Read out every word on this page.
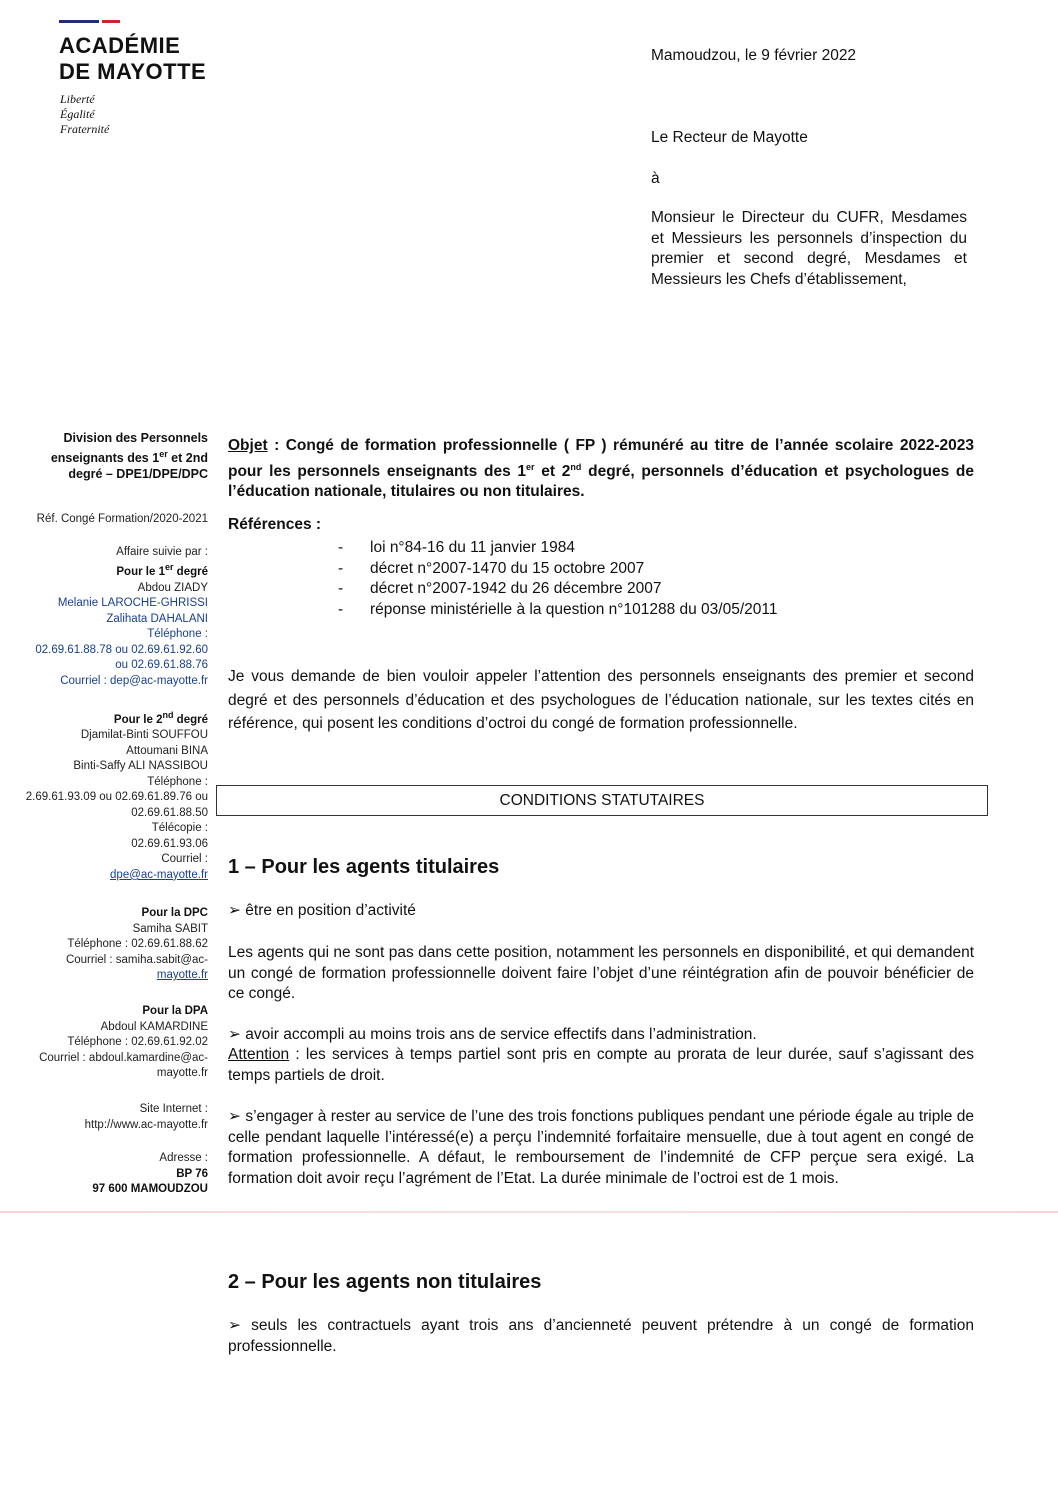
ACADÉMIE
DE MAYOTTE
Liberté
Égalité
Fraternité
Mamoudzou, le 9 février 2022
Le Recteur de Mayotte
à
Monsieur le Directeur du CUFR, Mesdames et Messieurs les personnels d’inspection du premier et second degré, Mesdames et Messieurs les Chefs d’établissement,
Division des Personnels
enseignants des 1er et 2nd
degré – DPE1/DPE/DPC
Réf. Congé Formation/2020-2021
Affaire suivie par :
Pour le 1er degré
Abdou ZIADY
Melanie LAROCHE-GHRISSI
Zalihata DAHALANI
Téléphone :
02.69.61.88.78 ou 02.69.61.92.60
ou 02.69.61.88.76
Courriel : dep@ac-mayotte.fr
Pour le 2nd degré
Djamilat-Binti SOUFFOU
Attoumani BINA
Binti-Saffy ALI NASSIBOU
Téléphone :
2.69.61.93.09 ou 02.69.61.89.76 ou
02.69.61.88.50
Télécopie :
02.69.61.93.06
Courriel :
dpe@ac-mayotte.fr
Pour la DPC
Samiha SABIT
Téléphone : 02.69.61.88.62
Courriel : samiha.sabit@ac-
mayotte.fr
Pour la DPA
Abdoul KAMARDINE
Téléphone : 02.69.61.92.02
Courriel : abdoul.kamardine@ac-
mayotte.fr
Site Internet :
http://www.ac-mayotte.fr
Adresse :
BP 76
97 600 MAMOUDZOU
Objet : Congé de formation professionnelle ( FP ) rémunéré au titre de l’année scolaire 2022-2023 pour les personnels enseignants des 1er et 2nd degré, personnels d’éducation et psychologues de l’éducation nationale, titulaires ou non titulaires.
Références :
- loi n°84-16 du 11 janvier 1984
- décret n°2007-1470 du 15 octobre 2007
- décret n°2007-1942 du 26 décembre 2007
- réponse ministérielle à la question n°101288 du 03/05/2011
Je vous demande de bien vouloir appeler l’attention des personnels enseignants des premier et second degré et des personnels d’éducation et des psychologues de l’éducation nationale, sur les textes cités en référence, qui posent les conditions d’octroi du congé de formation professionnelle.
CONDITIONS STATUTAIRES
1 – Pour les agents titulaires
➢ être en position d’activité
Les agents qui ne sont pas dans cette position, notamment les personnels en disponibilité, et qui demandent un congé de formation professionnelle doivent faire l’objet d’une réintégration afin de pouvoir bénéficier de ce congé.
➢ avoir accompli au moins trois ans de service effectifs dans l’administration.
Attention : les services à temps partiel sont pris en compte au prorata de leur durée, sauf s’agissant des temps partiels de droit.
➢ s’engager à rester au service de l’une des trois fonctions publiques pendant une période égale au triple de celle pendant laquelle l’intéressé(e) a perçu l’indemnité forfaitaire mensuelle, due à tout agent en congé de formation professionnelle. A défaut, le remboursement de l’indemnité de CFP perçue sera exigé. La formation doit avoir reçu l’agrément de l’Etat. La durée minimale de l’octroi est de 1 mois.
2 – Pour les agents non titulaires
➢ seuls les contractuels ayant trois ans d’ancienneté peuvent prétendre à un congé de formation professionnelle.
